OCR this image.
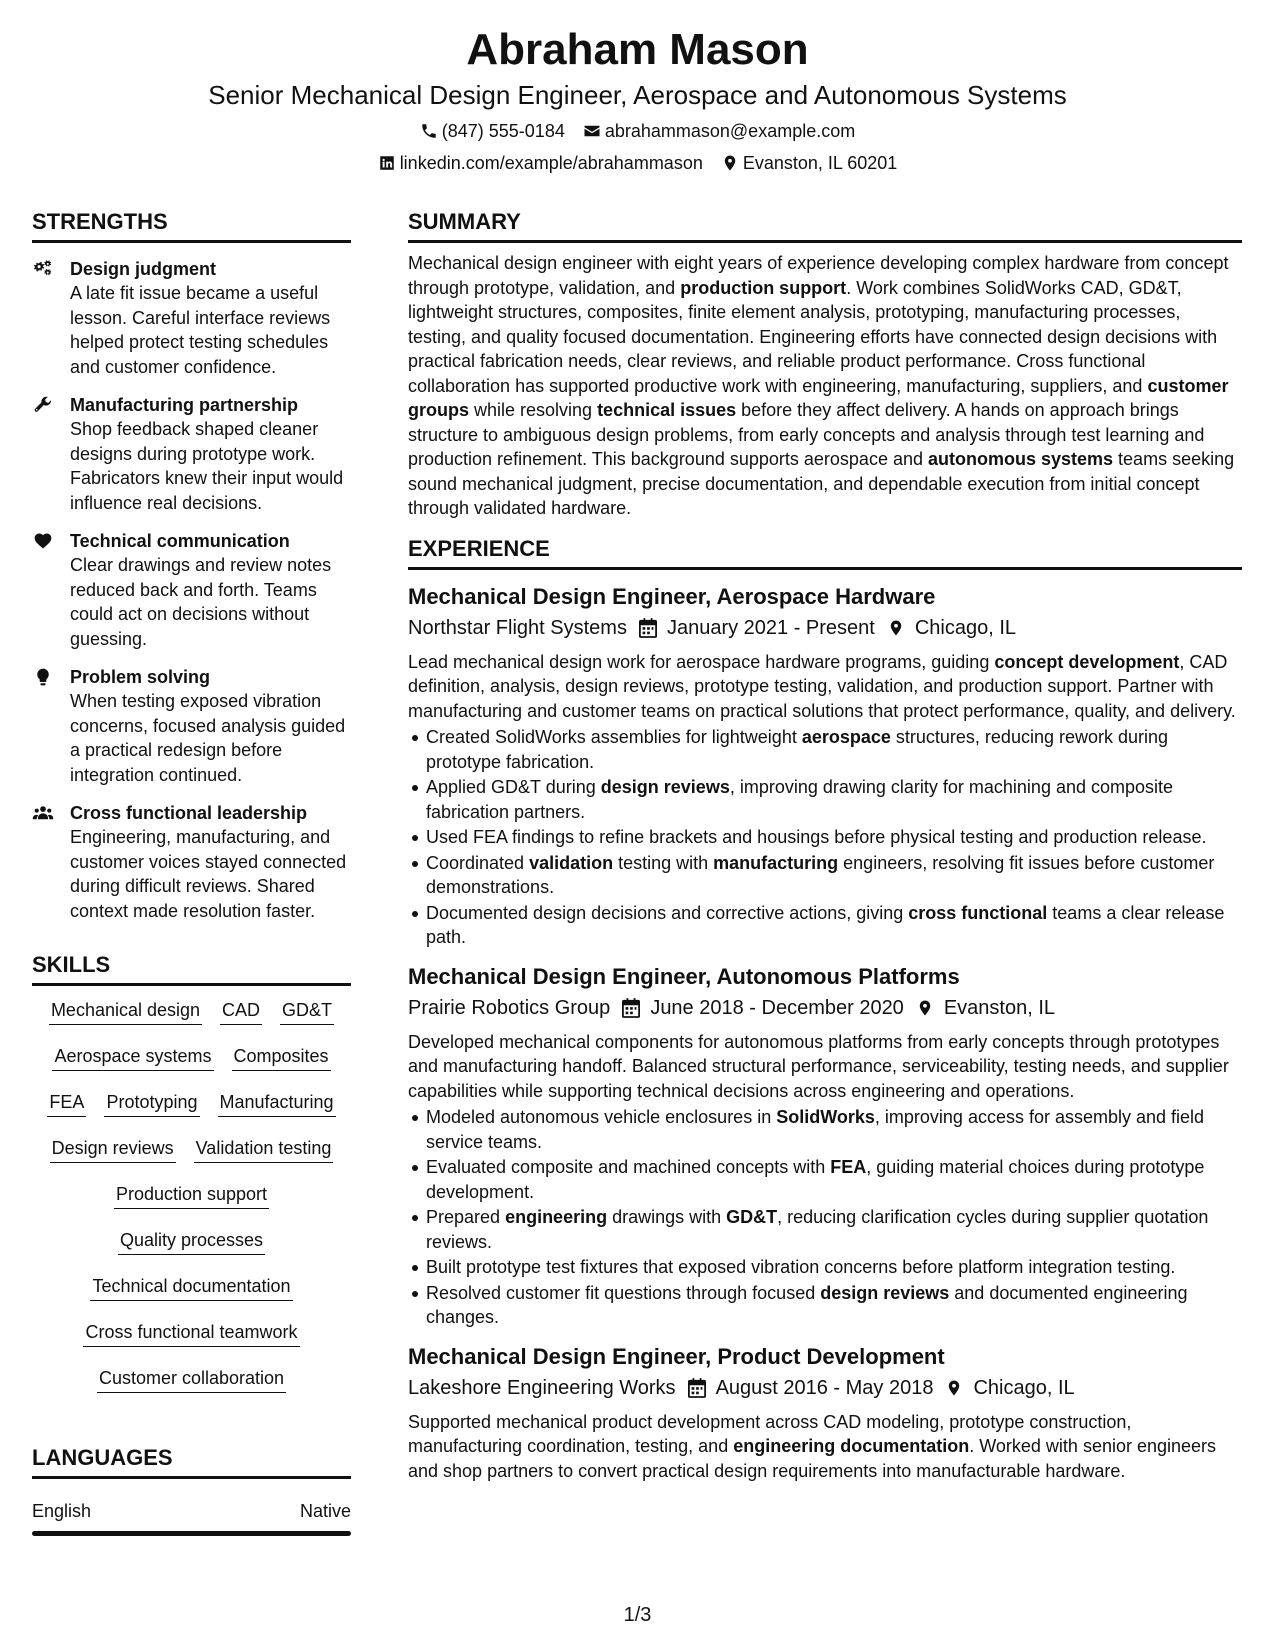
Abraham Mason
Senior Mechanical Design Engineer, Aerospace and Autonomous Systems
(847) 555-0184 abrahammason@example.com
linkedin.com/example/abrahammason Evanston, IL 60201
STRENGTHS
Design judgment
A late fit issue became a useful lesson. Careful interface reviews helped protect testing schedules and customer confidence.
Manufacturing partnership
Shop feedback shaped cleaner designs during prototype work. Fabricators knew their input would influence real decisions.
Technical communication
Clear drawings and review notes reduced back and forth. Teams could act on decisions without guessing.
Problem solving
When testing exposed vibration concerns, focused analysis guided a practical redesign before integration continued.
Cross functional leadership
Engineering, manufacturing, and customer voices stayed connected during difficult reviews. Shared context made resolution faster.
SKILLS
Mechanical design CAD GD&T
Aerospace systems Composites
FEA Prototyping Manufacturing
Design reviews Validation testing
Production support
Quality processes
Technical documentation
Cross functional teamwork
Customer collaboration
LANGUAGES
English	Native
SUMMARY
Mechanical design engineer with eight years of experience developing complex hardware from concept through prototype, validation, and production support. Work combines SolidWorks CAD, GD&T, lightweight structures, composites, finite element analysis, prototyping, manufacturing processes, testing, and quality focused documentation. Engineering efforts have connected design decisions with practical fabrication needs, clear reviews, and reliable product performance. Cross functional collaboration has supported productive work with engineering, manufacturing, suppliers, and customer groups while resolving technical issues before they affect delivery. A hands on approach brings structure to ambiguous design problems, from early concepts and analysis through test learning and production refinement. This background supports aerospace and autonomous systems teams seeking sound mechanical judgment, precise documentation, and dependable execution from initial concept through validated hardware.
EXPERIENCE
Mechanical Design Engineer, Aerospace Hardware
Northstar Flight Systems January 2021 - Present Chicago, IL
Lead mechanical design work for aerospace hardware programs, guiding concept development, CAD definition, analysis, design reviews, prototype testing, validation, and production support. Partner with manufacturing and customer teams on practical solutions that protect performance, quality, and delivery.
Created SolidWorks assemblies for lightweight aerospace structures, reducing rework during prototype fabrication.
Applied GD&T during design reviews, improving drawing clarity for machining and composite fabrication partners.
Used FEA findings to refine brackets and housings before physical testing and production release.
Coordinated validation testing with manufacturing engineers, resolving fit issues before customer demonstrations.
Documented design decisions and corrective actions, giving cross functional teams a clear release path.
Mechanical Design Engineer, Autonomous Platforms
Prairie Robotics Group June 2018 - December 2020 Evanston, IL
Developed mechanical components for autonomous platforms from early concepts through prototypes and manufacturing handoff. Balanced structural performance, serviceability, testing needs, and supplier capabilities while supporting technical decisions across engineering and operations.
Modeled autonomous vehicle enclosures in SolidWorks, improving access for assembly and field service teams.
Evaluated composite and machined concepts with FEA, guiding material choices during prototype development.
Prepared engineering drawings with GD&T, reducing clarification cycles during supplier quotation reviews.
Built prototype test fixtures that exposed vibration concerns before platform integration testing.
Resolved customer fit questions through focused design reviews and documented engineering changes.
Mechanical Design Engineer, Product Development
Lakeshore Engineering Works August 2016 - May 2018 Chicago, IL
Supported mechanical product development across CAD modeling, prototype construction, manufacturing coordination, testing, and engineering documentation. Worked with senior engineers and shop partners to convert practical design requirements into manufacturable hardware.
1/3
